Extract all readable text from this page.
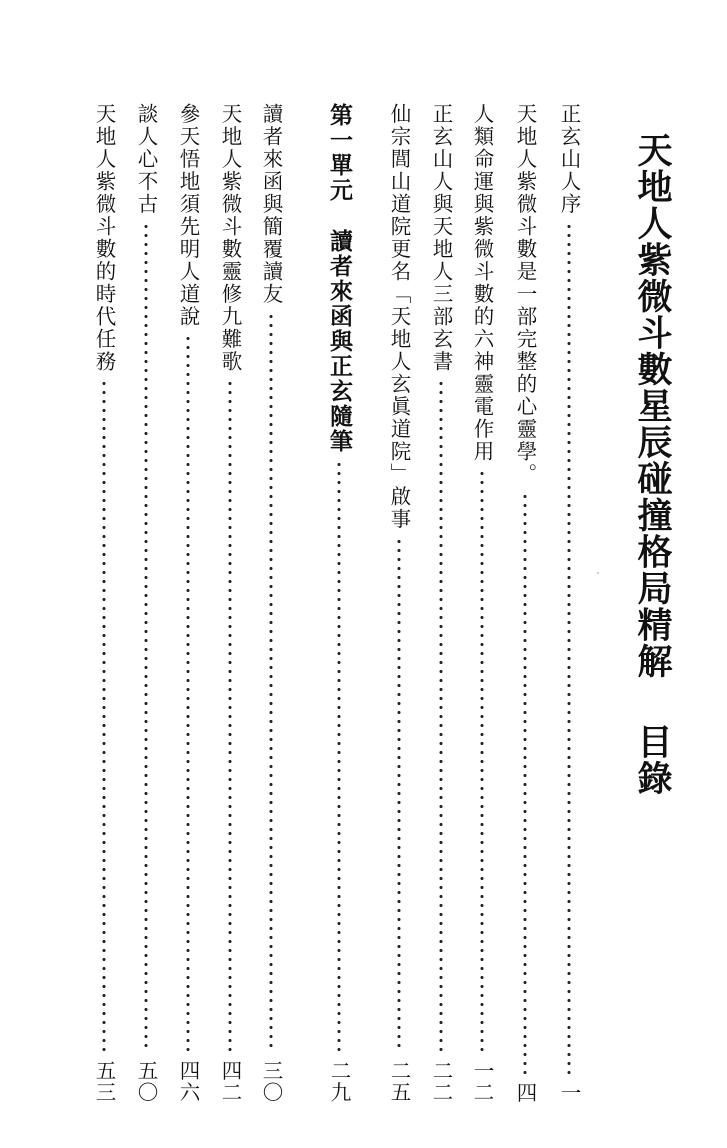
天地人紫微斗數星辰碰撞格局精解目錄
正玄山人序
一
天地人紫微斗數是一部完整的心靈學。
四
人類命運與紫微斗數的六神靈電作用
一二
正玄山人與天地人三部玄書
二二
仙宗閭山道院更名「天地人玄眞道院」啟事
二五
第一單元讀者來函與正玄隨筆
二九
讀者來函與簡覆讀友
三〇
天地人紫微斗數靈修九難歌
四二
參天悟地須先明人道說
四六
談人心不古
五〇
天地人紫微斗數的時代任務
五三
